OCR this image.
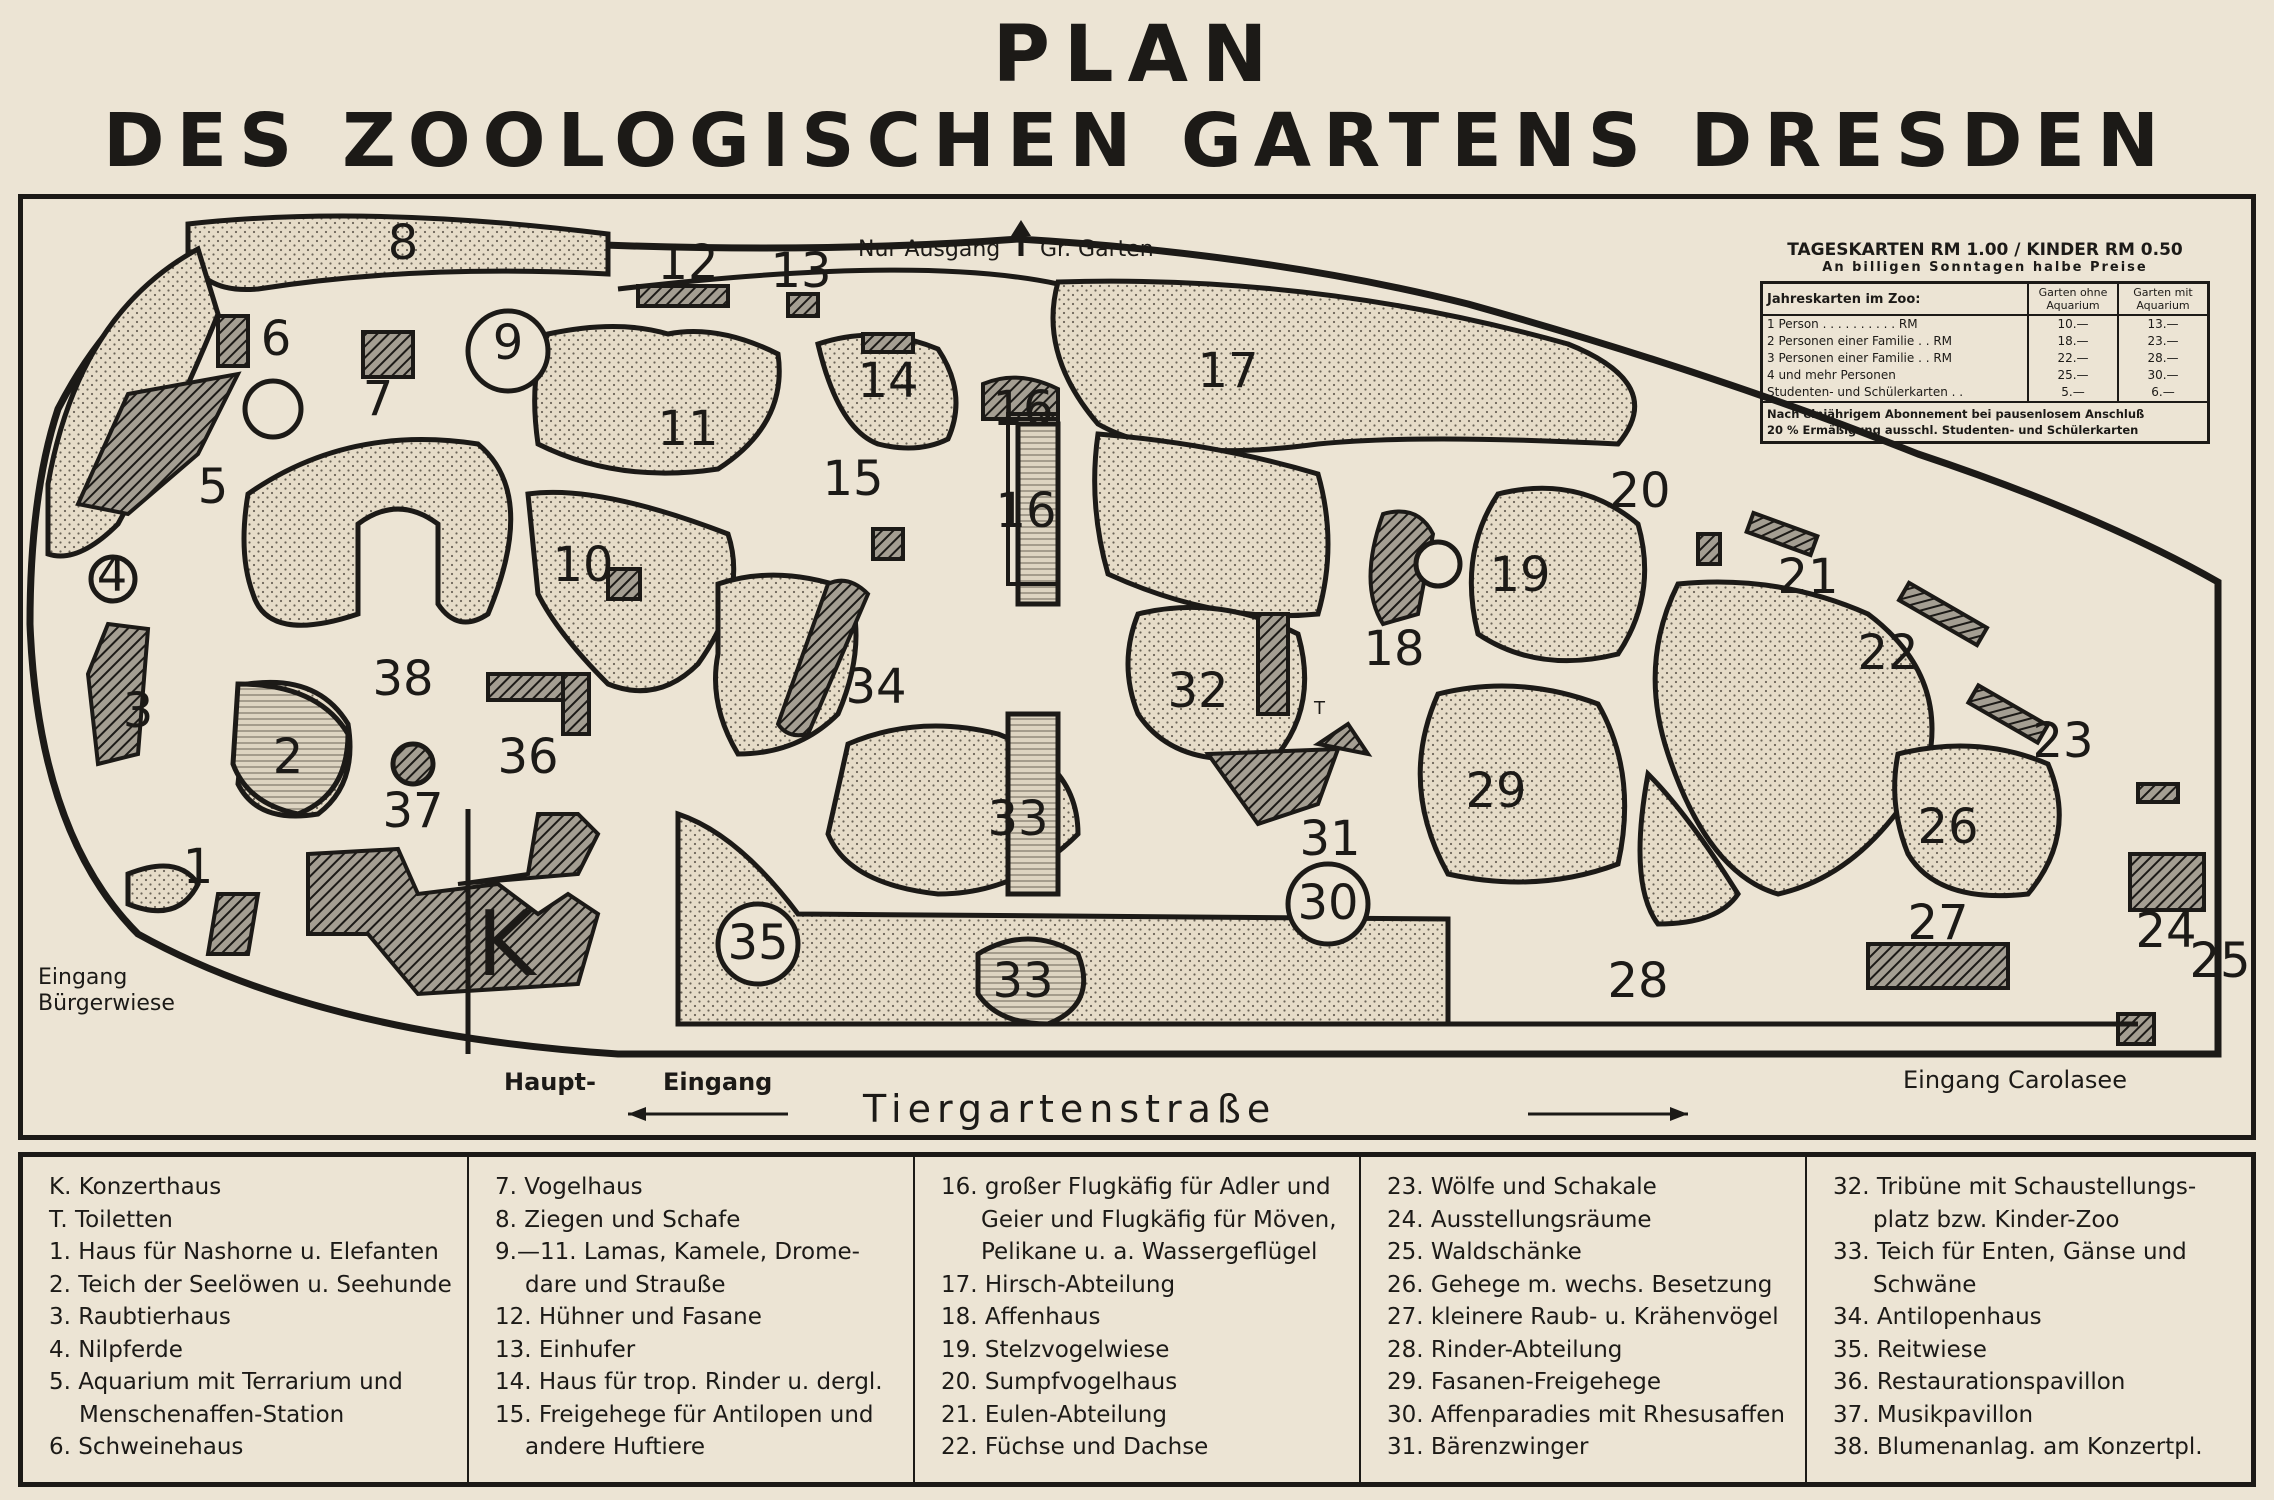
PLAN
DES ZOOLOGISCHEN GARTENS DRESDEN
8	12 13
6
7
9
14 16
17
11
15
5	16
4	10
38
20
21
19
18
34	32
22
3
2	36
37	29
23
33	26
31
1
K	35
30	24
25
27
33	28
T
Nur Ausgang Gr. Garten
Eingang
Bürgerwiese
Haupt-	Eingang
Tiergartenstraße
Eingang Carolasee
TAGESKARTEN RM 1.00 / KINDER RM 0.50
An billigen Sonntagen halbe Preise
Jahreskarten im Zoo:	Garten ohne Aquarium	Garten mit Aquarium
1 Person . . . . . . . . . . RM	10.—	13.—
2 Personen einer Familie . . RM	18.—	23.—
3 Personen einer Familie . . RM	22.—	28.—
4 und mehr Personen	25.—	30.—
Studenten- und Schülerkarten . .	5.—	6.—
Nach einjährigem Abonnement bei pausenlosem Anschluß
20 % Ermäßigung ausschl. Studenten- und Schülerkarten
K. Konzerthaus
T. Toiletten
1. Haus für Nashorne u. Elefanten
2. Teich der Seelöwen u. Seehunde
3. Raubtierhaus
4. Nilpferde
5. Aquarium mit Terrarium und
Menschenaffen-Station
6. Schweinehaus
7. Vogelhaus
8. Ziegen und Schafe
9.—11. Lamas, Kamele, Drome-
dare und Strauße
12. Hühner und Fasane
13. Einhufer
14. Haus für trop. Rinder u. dergl.
15. Freigehege für Antilopen und
andere Huftiere
16. großer Flugkäfig für Adler und
Geier und Flugkäfig für Möven,
Pelikane u. a. Wassergeflügel
17. Hirsch-Abteilung
18. Affenhaus
19. Stelzvogelwiese
20. Sumpfvogelhaus
21. Eulen-Abteilung
22. Füchse und Dachse
23. Wölfe und Schakale
24. Ausstellungsräume
25. Waldschänke
26. Gehege m. wechs. Besetzung
27. kleinere Raub- u. Krähenvögel
28. Rinder-Abteilung
29. Fasanen-Freigehege
30. Affenparadies mit Rhesusaffen
31. Bärenzwinger
32. Tribüne mit Schaustellungs-
platz bzw. Kinder-Zoo
33. Teich für Enten, Gänse und
Schwäne
34. Antilopenhaus
35. Reitwiese
36. Restaurationspavillon
37. Musikpavillon
38. Blumenanlag. am Konzertpl.
